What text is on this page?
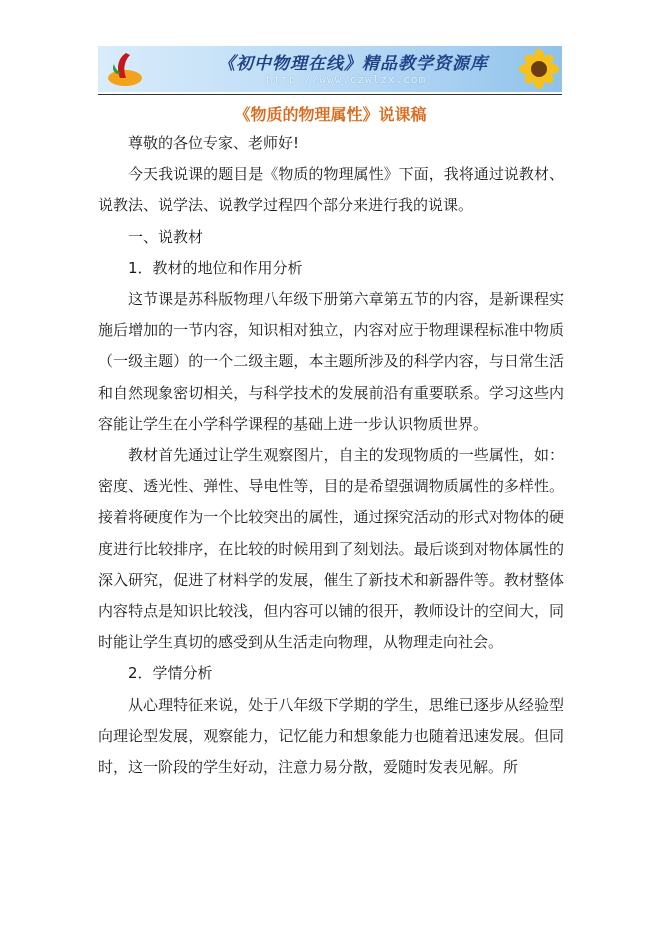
《初中物理在线》精品教学资源库
http://www.czwlzx.com
《物质的物理属性》说课稿

尊敬的各位专家、老师好!

今天我说课的题目是《物质的物理属性》下面，我将通过说教材、说教法、说学法、说教学过程四个部分来进行我的说课。

一、说教材

1．教材的地位和作用分析

这节课是苏科版物理八年级下册第六章第五节的内容，是新课程实施后增加的一节内容，知识相对独立，内容对应于物理课程标准中物质（一级主题）的一个二级主题，本主题所涉及的科学内容，与日常生活和自然现象密切相关，与科学技术的发展前沿有重要联系。学习这些内容能让学生在小学科学课程的基础上进一步认识物质世界。

教材首先通过让学生观察图片，自主的发现物质的一些属性，如：密度、透光性、弹性、导电性等，目的是希望强调物质属性的多样性。接着将硬度作为一个比较突出的属性，通过探究活动的形式对物体的硬度进行比较排序，在比较的时候用到了刻划法。最后谈到对物体属性的深入研究，促进了材料学的发展，催生了新技术和新器件等。教材整体内容特点是知识比较浅，但内容可以铺的很开，教师设计的空间大，同时能让学生真切的感受到从生活走向物理，从物理走向社会。

2．学情分析

从心理特征来说，处于八年级下学期的学生，思维已逐步从经验型向理论型发展，观察能力，记忆能力和想象能力也随着迅速发展。但同时，这一阶段的学生好动，注意力易分散，爱随时发表见解。所
